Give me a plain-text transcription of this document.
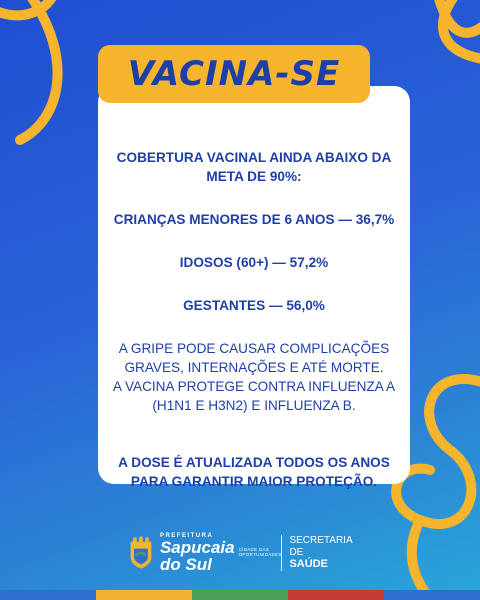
VACINA-SE

COBERTURA VACINAL AINDA ABAIXO DA
META DE 90%:

CRIANÇAS MENORES DE 6 ANOS — 36,7%

IDOSOS (60+) — 57,2%

GESTANTES — 56,0%

A GRIPE PODE CAUSAR COMPLICAÇÕES
GRAVES, INTERNAÇÕES E ATÉ MORTE.
A VACINA PROTEGE CONTRA INFLUENZA A
(H1N1 E H3N2) E INFLUENZA B.

A DOSE É ATUALIZADA TODOS OS ANOS
PARA GARANTIR MAIOR PROTEÇÃO.

PREFEITURA
Sapucaia
do Sul
CIDADE DAS OPORTUNIDADES
SECRETARIA DE
SAÚDE
